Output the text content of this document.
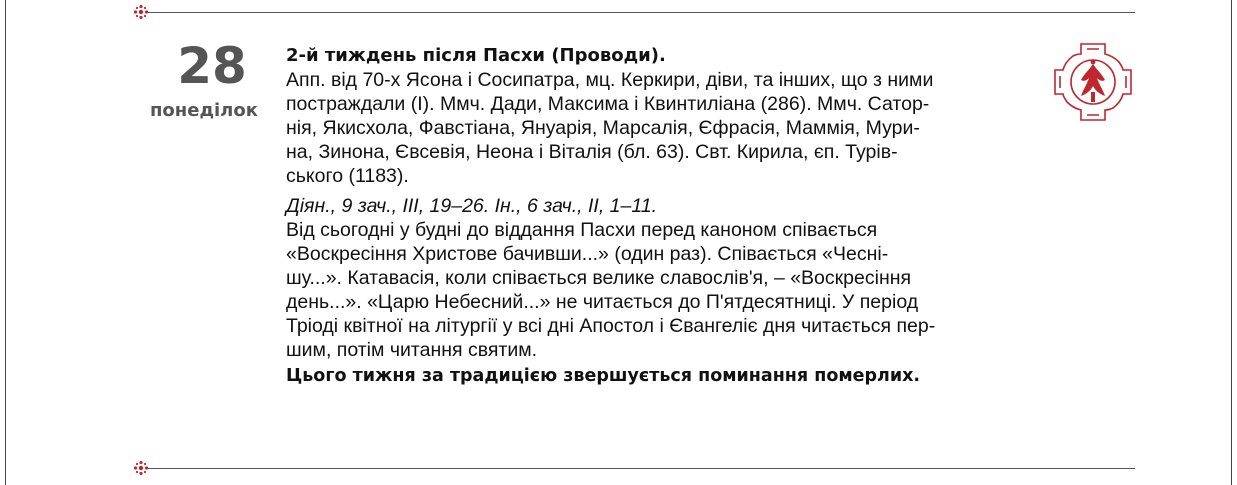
28
понеділок

2-й тиждень після Пасхи (Проводи).

Апп. від 70-х Ясона і Сосипатра, мц. Керкири, діви, та інших, що з ними

постраждали (І). Ммч. Дади, Максима і Квинтиліана (286). Ммч. Сатор-

нія, Якисхола, Фавстіана, Януарія, Марсалія, Єфрасія, Маммія, Мури-

на, Зинона, Євсевія, Неона і Віталія (бл. 63). Свт. Кирила, єп. Турів-

ського (1183).

Діян., 9 зач., ІІІ, 19–26. Ін., 6 зач., ІІ, 1–11.

Від сьогодні у будні до віддання Пасхи перед каноном співається

«Воскресіння Христове бачивши...» (один раз). Співається «Чесні-

шу...». Катавасія, коли співається велике славослів'я, – «Воскресіння

день...». «Царю Небесний...» не читається до П'ятдесятниці. У період

Тріоді квітної на літургії у всі дні Апостол і Євангеліє дня читається пер-

шим, потім читання святим.

Цього тижня за традицією звершується поминання померлих.
